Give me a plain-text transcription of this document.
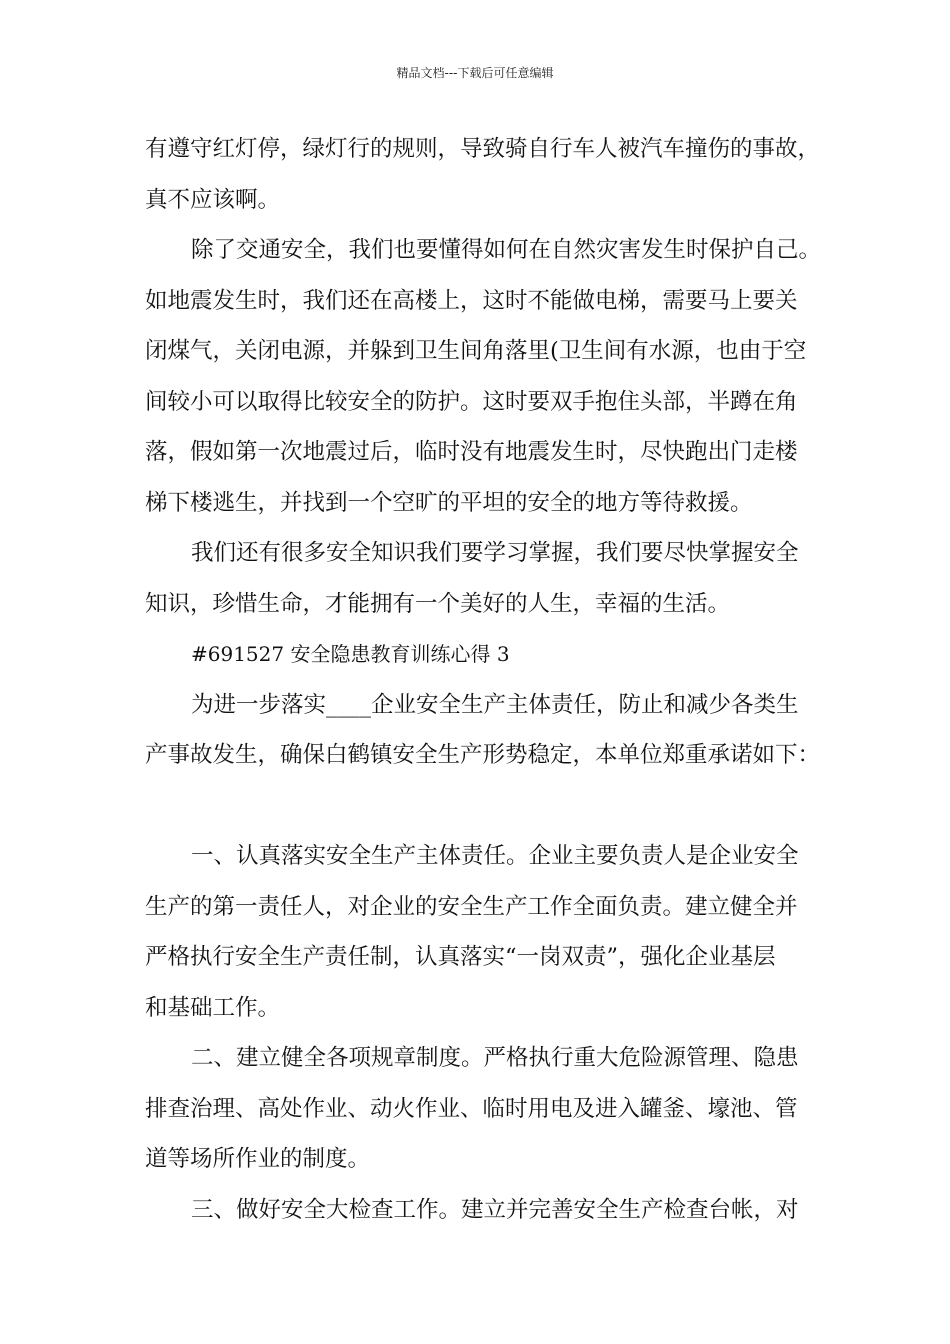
精品文档---下载后可任意编辑
有遵守红灯停，绿灯行的规则，导致骑自行车人被汽车撞伤的事故，
真不应该啊。
除了交通安全，我们也要懂得如何在自然灾害发生时保护自己。
如地震发生时，我们还在高楼上，这时不能做电梯，需要马上要关
闭煤气，关闭电源，并躲到卫生间角落里(卫生间有水源，也由于空
间较小可以取得比较安全的防护。这时要双手抱住头部，半蹲在角
落，假如第一次地震过后，临时没有地震发生时，尽快跑出门走楼
梯下楼逃生，并找到一个空旷的平坦的安全的地方等待救援。
我们还有很多安全知识我们要学习掌握，我们要尽快掌握安全
知识，珍惜生命，才能拥有一个美好的人生，幸福的生活。
#691527 安全隐患教育训练心得 3
为进一步落实____企业安全生产主体责任，防止和减少各类生
产事故发生，确保白鹤镇安全生产形势稳定，本单位郑重承诺如下：
一、认真落实安全生产主体责任。企业主要负责人是企业安全
生产的第一责任人，对企业的安全生产工作全面负责。建立健全并
严格执行安全生产责任制，认真落实“一岗双责”，强化企业基层
和基础工作。
二、建立健全各项规章制度。严格执行重大危险源管理、隐患
排查治理、高处作业、动火作业、临时用电及进入罐釜、壕池、管
道等场所作业的制度。
三、做好安全大检查工作。建立并完善安全生产检查台帐，对
